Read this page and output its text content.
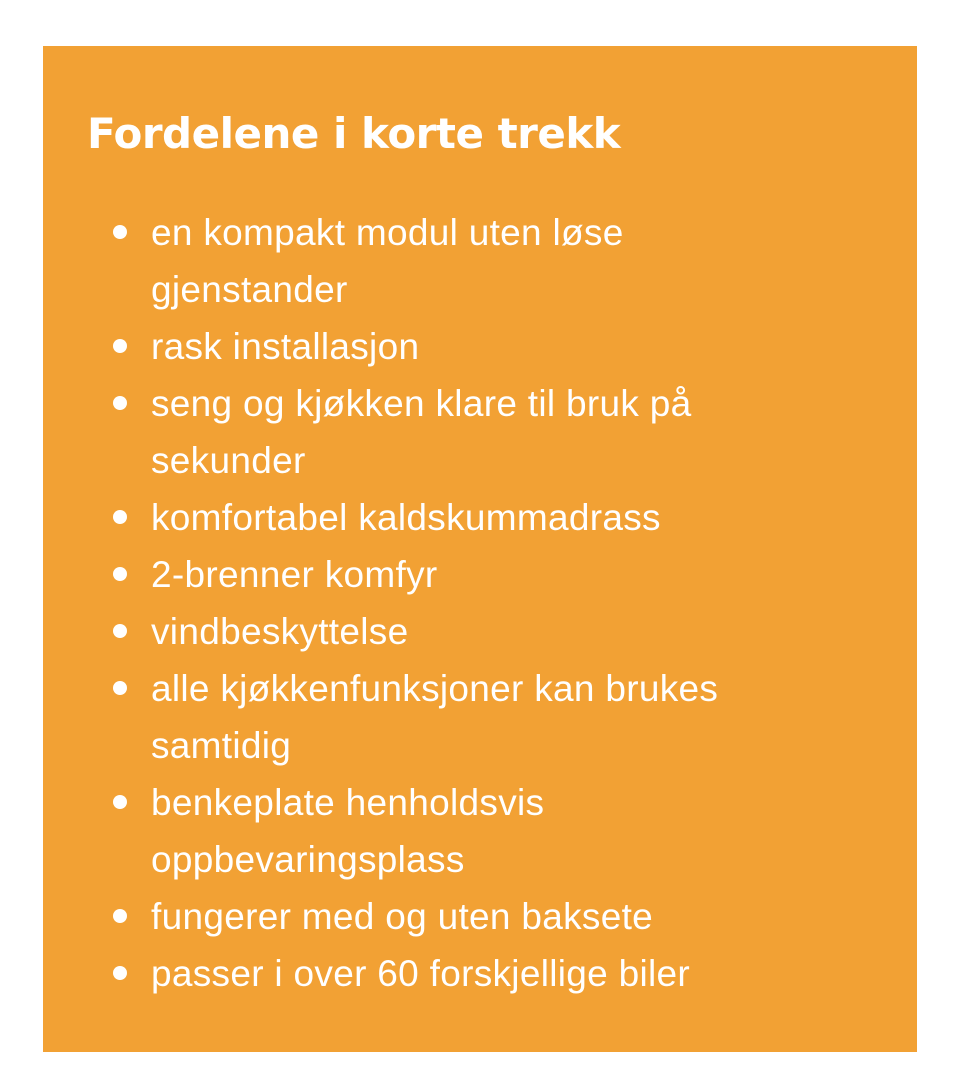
Fordelene i korte trekk
en kompakt modul uten løse gjenstander
rask installasjon
seng og kjøkken klare til bruk på sekunder
komfortabel kaldskummadrass
2-brenner komfyr
vindbeskyttelse
alle kjøkkenfunksjoner kan brukes samtidig
benkeplate henholdsvis oppbevaringsplass
fungerer med og uten baksete
passer i over 60 forskjellige biler
